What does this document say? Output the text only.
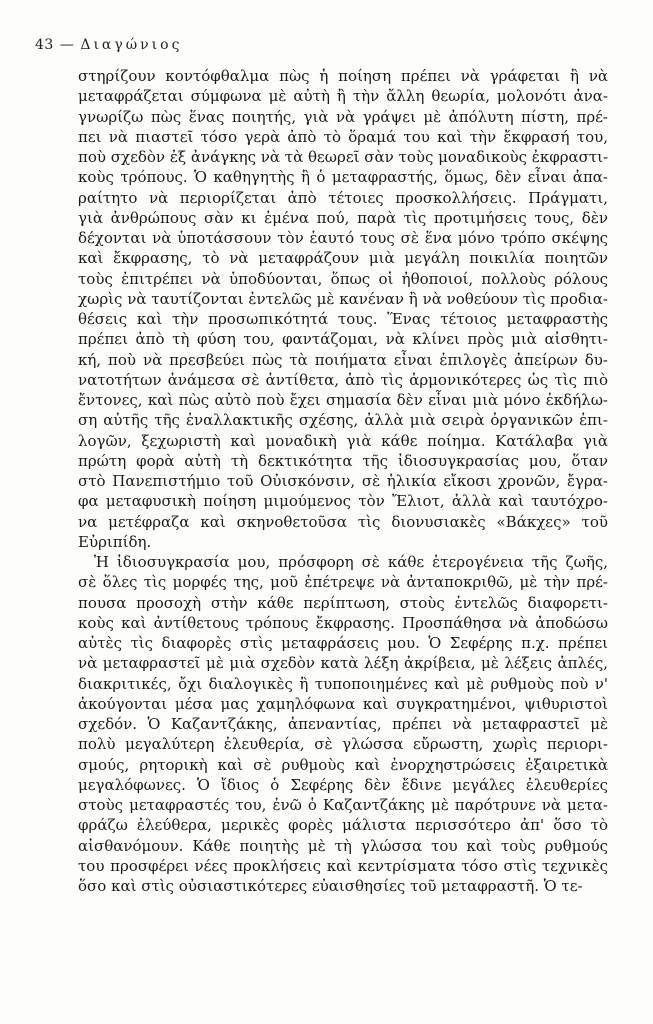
43 — Διαγώνιος
στηρίζουν κοντόφθαλμα πὼς ἡ ποίηση πρέπει νὰ γράφεται ἢ νὰ
μεταφράζεται σύμφωνα μὲ αὐτὴ ἢ τὴν ἄλλη θεωρία, μολονότι ἀνα-
γνωρίζω πὼς ἕνας ποιητής, γιὰ νὰ γράψει μὲ ἀπόλυτη πίστη, πρέ-
πει νὰ πιαστεῖ τόσο γερὰ ἀπὸ τὸ ὅραμά του καὶ τὴν ἔκφρασή του,
ποὺ σχεδὸν ἐξ ἀνάγκης νὰ τὰ θεωρεῖ σὰν τοὺς μοναδικοὺς ἐκφραστι-
κοὺς τρόπους. Ὁ καθηγητὴς ἢ ὁ μεταφραστής, ὅμως, δὲν εἶναι ἀπα-
ραίτητο νὰ περιορίζεται ἀπὸ τέτοιες προσκολλήσεις. Πράγματι,
γιὰ ἀνθρώπους σὰν κι ἐμένα πού, παρὰ τὶς προτιμήσεις τους, δὲν
δέχονται νὰ ὑποτάσσουν τὸν ἑαυτό τους σὲ ἕνα μόνο τρόπο σκέψης
καὶ ἔκφρασης, τὸ νὰ μεταφράζουν μιὰ μεγάλη ποικιλία ποιητῶν
τοὺς ἐπιτρέπει νὰ ὑποδύονται, ὅπως οἱ ἠθοποιοί, πολλοὺς ρόλους
χωρὶς νὰ ταυτίζονται ἐντελῶς μὲ κανέναν ἢ νὰ νοθεύουν τὶς προδια-
θέσεις καὶ τὴν προσωπικότητά τους. Ἕνας τέτοιος μεταφραστὴς
πρέπει ἀπὸ τὴ φύση του, φαντάζομαι, νὰ κλίνει πρὸς μιὰ αἰσθητι-
κή, ποὺ νὰ πρεσβεύει πὼς τὰ ποιήματα εἶναι ἐπιλογὲς ἀπείρων δυ-
νατοτήτων ἀνάμεσα σὲ ἀντίθετα, ἀπὸ τὶς ἁρμονικότερες ὡς τὶς πιὸ
ἔντονες, καὶ πὼς αὐτὸ ποὺ ἔχει σημασία δὲν εἶναι μιὰ μόνο ἐκδήλω-
ση αὐτῆς τῆς ἐναλλακτικῆς σχέσης, ἀλλὰ μιὰ σειρὰ ὀργανικῶν ἐπι-
λογῶν, ξεχωριστὴ καὶ μοναδικὴ γιὰ κάθε ποίημα. Κατάλαβα γιὰ
πρώτη φορὰ αὐτὴ τὴ δεκτικότητα τῆς ἰδιοσυγκρασίας μου, ὅταν
στὸ Πανεπιστήμιο τοῦ Οὐισκόνσιν, σὲ ἡλικία εἴκοσι χρονῶν, ἔγρα-
φα μεταφυσικὴ ποίηση μιμούμενος τὸν Ἔλιοτ, ἀλλὰ καὶ ταυτόχρο-
να μετέφραζα καὶ σκηνοθετοῦσα τὶς διονυσιακὲς «Βάκχες» τοῦ
Εὐριπίδη.
Ἡ ἰδιοσυγκρασία μου, πρόσφορη σὲ κάθε ἑτερογένεια τῆς ζωῆς,
σὲ ὅλες τὶς μορφές της, μοῦ ἐπέτρεψε νὰ ἀνταποκριθῶ, μὲ τὴν πρέ-
πουσα προσοχὴ στὴν κάθε περίπτωση, στοὺς ἐντελῶς διαφορετι-
κοὺς καὶ ἀντίθετους τρόπους ἔκφρασης. Προσπάθησα νὰ ἀποδώσω
αὐτὲς τὶς διαφορὲς στὶς μεταφράσεις μου. Ὁ Σεφέρης π.χ. πρέπει
νὰ μεταφραστεῖ μὲ μιὰ σχεδὸν κατὰ λέξη ἀκρίβεια, μὲ λέξεις ἁπλές,
διακριτικές, ὄχι διαλογικὲς ἢ τυποποιημένες καὶ μὲ ρυθμοὺς ποὺ ν'
ἀκούγονται μέσα μας χαμηλόφωνα καὶ συγκρατημένοι, ψιθυριστοὶ
σχεδόν. Ὁ Καζαντζάκης, ἀπεναντίας, πρέπει νὰ μεταφραστεῖ μὲ
πολὺ μεγαλύτερη ἐλευθερία, σὲ γλώσσα εὔρωστη, χωρὶς περιορι-
σμούς, ρητορικὴ καὶ σὲ ρυθμοὺς καὶ ἐνορχηστρώσεις ἐξαιρετικὰ
μεγαλόφωνες. Ὁ ἴδιος ὁ Σεφέρης δὲν ἔδινε μεγάλες ἐλευθερίες
στοὺς μεταφραστές του, ἐνῶ ὁ Καζαντζάκης μὲ παρότρυνε νὰ μετα-
φράζω ἐλεύθερα, μερικὲς φορὲς μάλιστα περισσότερο ἀπ' ὅσο τὸ
αἰσθανόμουν. Κάθε ποιητὴς μὲ τὴ γλώσσα του καὶ τοὺς ρυθμούς
του προσφέρει νέες προκλήσεις καὶ κεντρίσματα τόσο στὶς τεχνικὲς
ὅσο καὶ στὶς οὐσιαστικότερες εὐαισθησίες τοῦ μεταφραστῆ. Ὁ τε-
